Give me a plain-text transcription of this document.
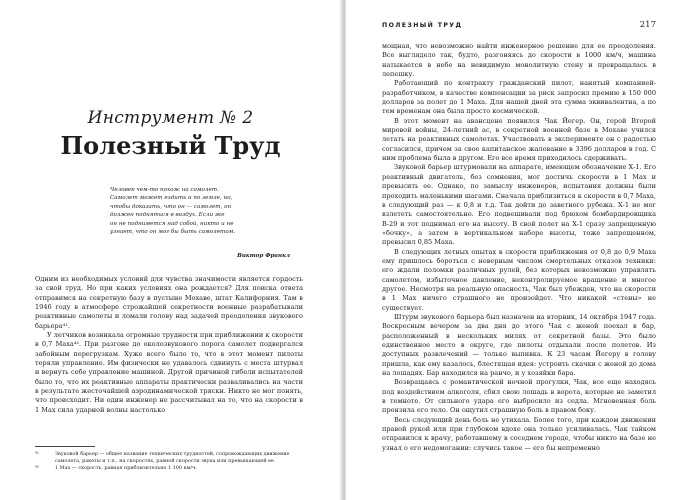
Инструмент № 2
Полезный Труд
Человек чем-то похож на самолет.
Самолет может ездить и по земле, но,
чтобы доказать, что он — самолет, он
должен подняться в воздух. Если же
он не поднимется над собой, никто и не
узнает, что он мог бы быть самолетом.
Виктор Франкл

Одним из необходимых условий для чувства значимости является гордость за свой труд. Но при каких условиях она рождается? Для поиска ответа отправимся на секретную базу в пустыне Мохаве, штат Калифорния. Там в 1946 году в атмосфере строжайшей секретности военные разрабатывали реактивные самолеты и ломали голову над задачей преодоления звукового барьера⁴¹.

У летчиков возникала огромные трудности при приближении к скорости в 0,7 Маха⁴². При разгоне до околозвукового порога самолет подвергался забойным перегрузкам. Хуже всего было то, что в этот момент пилоты теряли управление. Им физически не удавалось сдвинуть с места штурвал и вернуть себе управление машиной. Другой причиной гибели испытателей было то, что их реактивные аппараты практически разваливались на части в результате жесточайшей аэродинамической тряски. Никто не мог понять, что происходит. Ни один инженер не рассчитывал на то, что на скорости в 1 Мах сила ударной волны настолько

⁴¹	Звуковой барьер — общее название технических трудностей, сопровождающих движение самолета, ракеты и т.п., на скоростях, равной скорости звука или превышающей ее.
⁴²	1 Мах — скорость, равная приблизительно 1 100 км/ч.
ПОЛЕЗНЫЙ ТРУД	217

мощная, что невозможно найти инженерное решение для ее преодоления. Все выглядело так, будто, разгоняясь до скорости в 1000 км/ч, машина натыкается в небе на невидимую монолитную стену и превращалась в лепешку.

Работающий по контракту гражданский пилот, нанятый компанией-разработчиком, в качестве компенсации за риск запросил премию в 150 000 долларов за полет до 1 Маха. Для нашей дней эта сумма эквивалентна, а по тем временам она была просто космической.

В этот момент на авансцене появился Чак Йегер. Он, герой Второй мировой войны, 24-летний ас, в секретной военной базе в Мохаве учился летать на реактивных самолетах. Участвовать в эксперименте он с радостью согласился, причем за свое капитанское жалование в 3396 долларов в год. С ним проблема была в другом. Его все время приходилось сдерживать.

Звуковой барьер штурмовали на аппарате, имеющем обозначение Х-1. Его реактивный двигатель, без сомнения, мог достичь скорости в 1 Мах и превысить ее. Однако, по замыслу инженеров, испытания должны были проходить маленькими шагами. Сначала приблизиться к скорости в 0,7 Маха, в следующий раз — к 0,8 и т.д. Так дойти до заветного рубежа. Х-1 не мог взлететь самостоятельно. Его подвешивали под брюхом бомбардировщика В-29 и тот поднимал его на высоту. В свой полет на X-1 сразу запрещенную «бочку», а затем в вертикальном наборе высоты, тоже запрещенном, превысил 0,85 Маха.

В следующих летных опытах в скорости приближения от 0,8 до 0,9 Маха ему пришлось бороться с неверным числом смертельных отказов техники: его ждали поломки различных рулей, без которых невозможно управлять самолетом, избыточное давление, неконтролируемое вращение и многое другое. Несмотря на реальную опасность, Чак был убежден, что на скорости в 1 Мах ничего страшного не произойдет. Что никакой «стены» не существует.

Штурм звукового барьера был назначен на вторник, 14 октября 1947 года. Воскресным вечером за два дня до этого Чак с женой поехал в бар, расположенный в нескольких милях от секретной базы. Это было единственное место в округе, где пилоты отдыхали после полетов. Из доступных развлечений — только выпивка. К 23 часам Йегеру в голову пришла, как ему казалось, блестящая идея: устроить скачки с женой до дома на лошадях. Бар находился на ранчо, и у хозяйки бара.

Возвращаясь с романтической ночной прогулки, Чак, все еще находясь под воздействием алкоголя, сбил свою лошадь в ворота, которые не заметил в темноте. От сильного удара его выбросило из седла. Мгновенная боль пронзила его тело. Он ощутил страшную боль в правом боку.

Весь следующий день боль не утихала. Более того, при каждом движении правой рукой или при глубоком вдохе она только усиливалась. Чак тайком отправился к врачу, работавшему в соседнем городе, чтобы никто на базе не узнал о его недомогании: случись такое — его бы непременно
